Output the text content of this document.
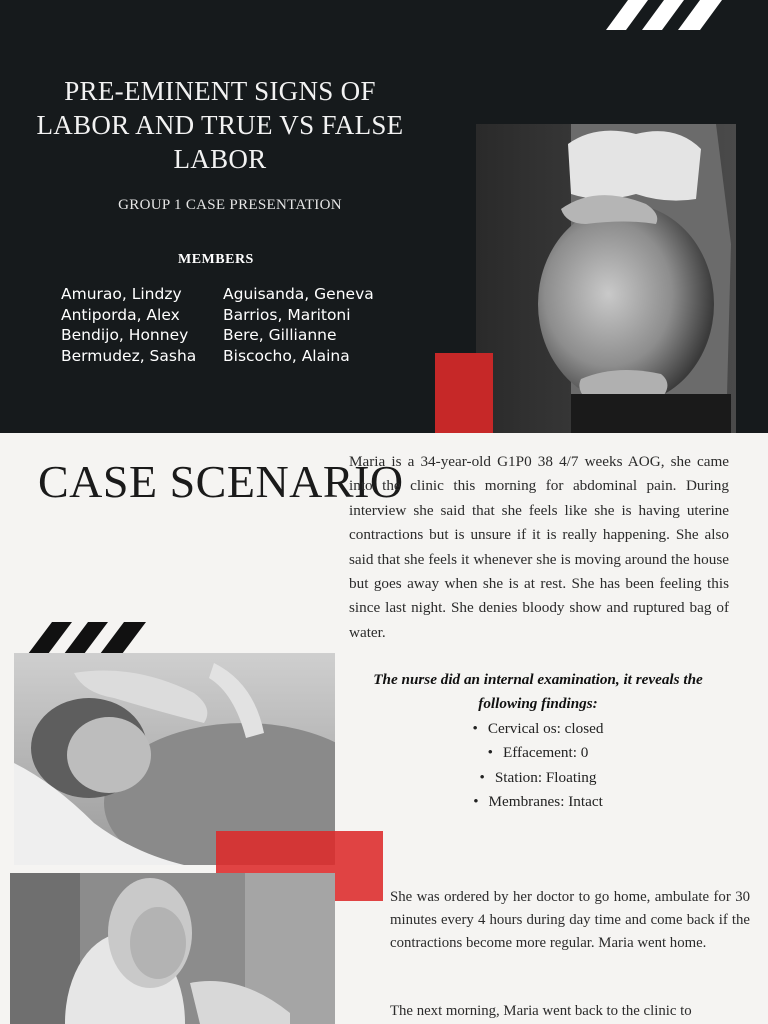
PRE-EMINENT SIGNS OF LABOR AND TRUE VS FALSE LABOR
GROUP 1 CASE PRESENTATION
MEMBERS
Amurao, Lindzy	Aguisanda, Geneva
Antiporda, Alex	Barrios, Maritoni
Bendijo, Honney	Bere, Gillianne
Bermudez, Sasha	Biscocho, Alaina
CASE SCENARIO
Maria is a 34-year-old G1P0 38 4/7 weeks AOG, she came into the clinic this morning for abdominal pain. During interview she said that she feels like she is having uterine contractions but is unsure if it is really happening. She also said that she feels it whenever she is moving around the house but goes away when she is at rest. She has been feeling this since last night. She denies bloody show and ruptured bag of water.
The nurse did an internal examination, it reveals the following findings:
• Cervical os: closed
• Effacement: 0
• Station: Floating
• Membranes: Intact
She was ordered by her doctor to go home, ambulate for 30 minutes every 4 hours during day time and come back if the contractions become more regular. Maria went home.
The next morning, Maria went back to the clinic to
